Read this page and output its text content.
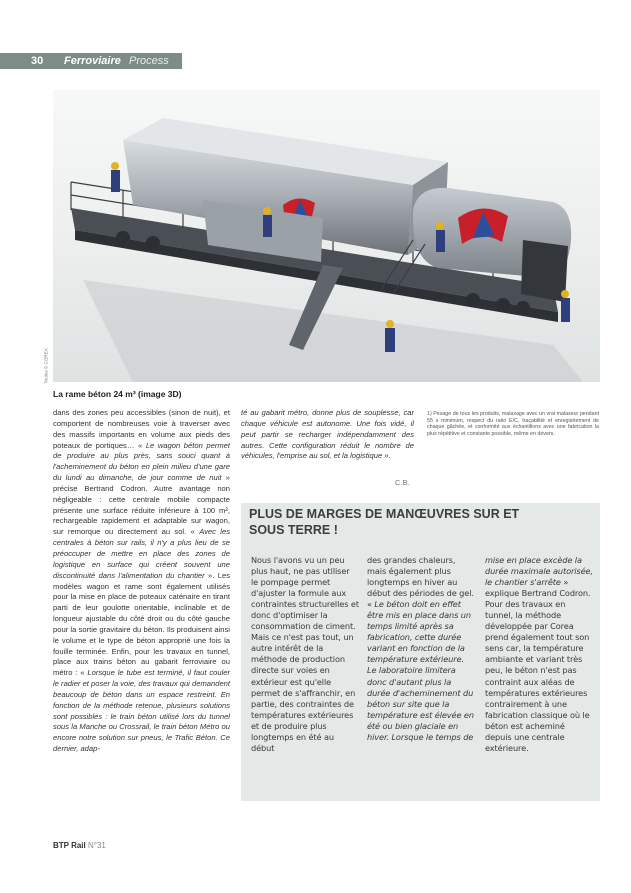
30	Ferroviaire Process
Toutes © COREA
La rame béton 24 m³ (image 3D)

dans des zones peu accessibles (sinon de nuit), et comportent de nombreuses voie à traverser avec des massifs importants en volume aux pieds des poteaux de portiques… « Le wagon béton permet de produire au plus près, sans souci quant à l'acheminement du béton en plein milieu d'une gare du lundi au dimanche, de jour comme de nuit » précise Bertrand Codron. Autre avantage non négligeable : cette centrale mobile compacte présente une surface réduite inférieure à 100 m², rechargeable rapidement et adaptable sur wagon, sur remorque ou directement au sol. « Avec les centrales à béton sur rails, il n'y a plus lieu de se préoccuper de mettre en place des zones de logistique en surface qui créent souvent une discontinuité dans l'alimentation du chantier ». Les modèles wagon et rame sont également utilisés pour la mise en place de poteaux caténaire en tirant parti de leur goulotte orientable, inclinable et de longueur ajustable du côté droit ou du côté gauche pour la sortie gravitaire du béton. Ils produisent ainsi le volume et le type de béton approprié une fois la fouille terminée. Enfin, pour les travaux en tunnel, place aux trains béton au gabarit ferroviaire ou métro : « Lorsque le tube est terminé, il faut couler le radier et poser la voie, des travaux qui demandent beaucoup de béton dans un espace restreint. En fonction de la méthode retenue, plusieurs solutions sont possibles : le train béton utilisé lors du tunnel sous la Manche ou Crossrail, le train béton Métro ou encore notre solution sur pneus, le Trafic Béton. Ce dernier, adap-

té au gabarit métro, donne plus de souplesse, car chaque véhicule est autonome. Une fois vidé, il peut partir se recharger indépendamment des autres. Cette configuration réduit le nombre de véhicules, l'emprise au sol, et la logistique ».

C.B.
1) Pesage de tous les produits, malaxage avec un vrai malaxeur pendant 55 s minimum, respect du ratio E/C, traçabilité et enregistrement de chaque gâchée, et conformité aux échantillons avec une fabrication la plus répétitive et constante possible, même en dévers.
PLUS DE MARGES DE MANŒUVRES SUR ET SOUS TERRE !
Nous l'avons vu un peu plus haut, ne pas utiliser le pompage permet d'ajuster la formule aux contraintes structurelles et donc d'optimiser la consommation de ciment. Mais ce n'est pas tout, un autre intérêt de la méthode de production directe sur voies en extérieur est qu'elle permet de s'affranchir, en partie, des contraintes de températures extérieures et de produire plus longtemps en été au début
des grandes chaleurs, mais également plus longtemps en hiver au début des périodes de gel. « Le béton doit en effet être mis en place dans un temps limité après sa fabrication, cette durée variant en fonction de la température extérieure. Le laboratoire limitera donc d'autant plus la durée d'acheminement du béton sur site que la température est élevée en été ou bien glaciale en hiver. Lorsque le temps de
mise en place excède la durée maximale autorisée, le chantier s'arrête » explique Bertrand Codron. Pour des travaux en tunnel, la méthode développée par Corea prend également tout son sens car, la température ambiante et variant très peu, le béton n'est pas contraint aux aléas de températures extérieures contrairement à une fabrication classique où le béton est acheminé depuis une centrale extérieure.
BTP Rail N°31
